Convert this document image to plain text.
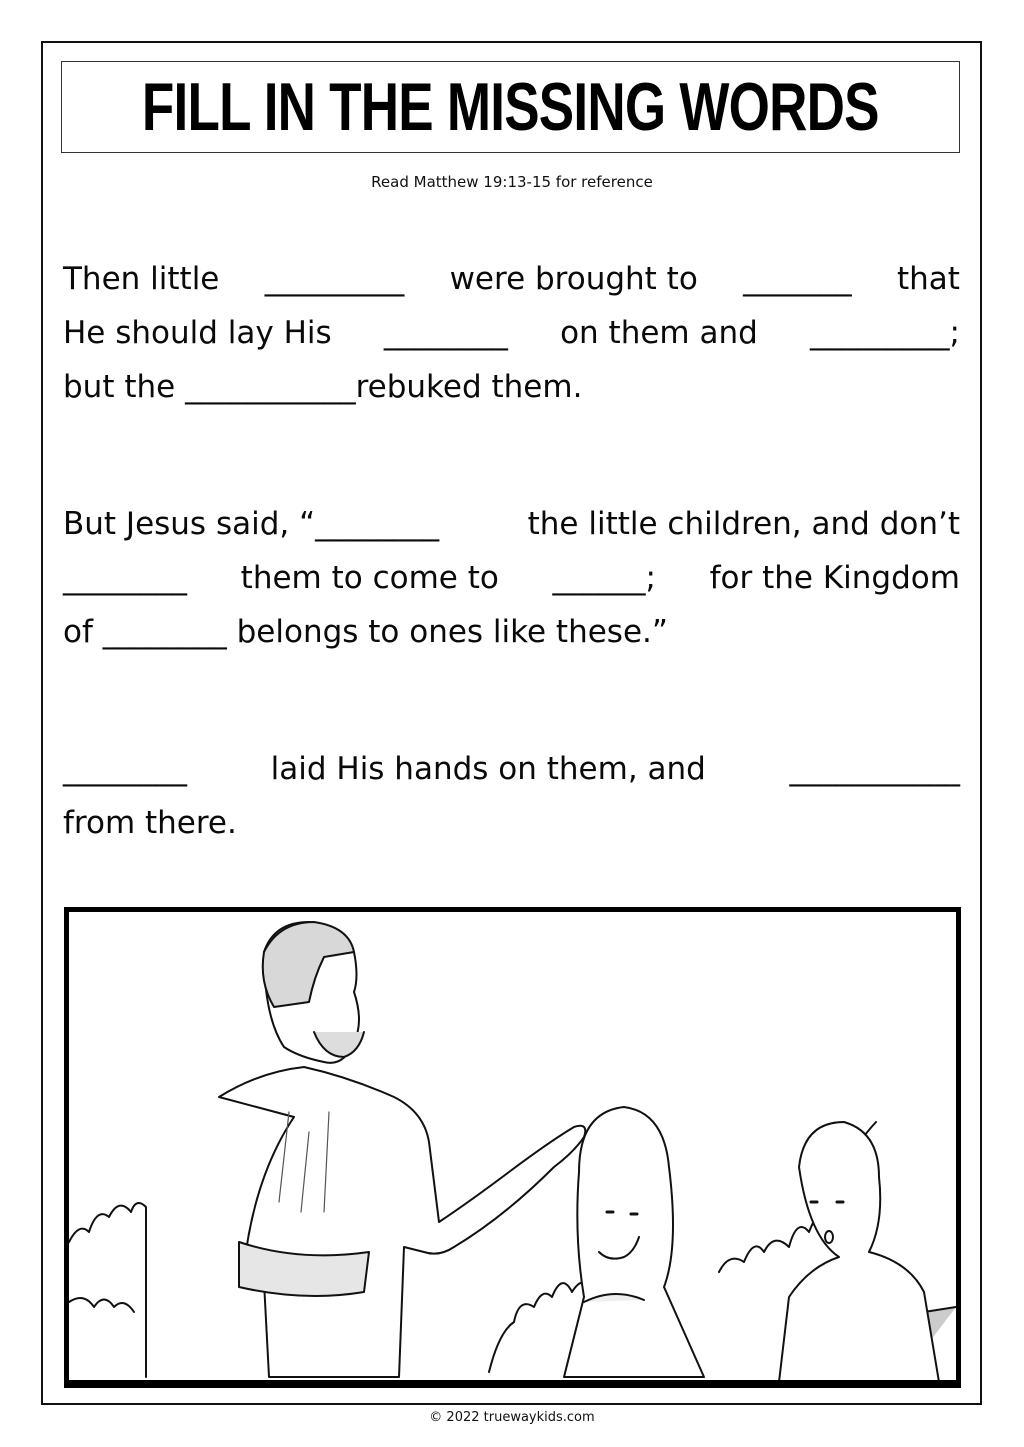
FILL IN THE MISSING WORDS
Read Matthew 19:13-15 for reference
Then little _________ were brought to _______ that
He should lay His ________ on them and _________;
but the
___________rebuked them.
But Jesus said, “________	the little children, and don’t
________ them to come to ______; for the Kingdom
of
________
belongs to ones like these.”
________	laid His hands on them, and	___________
from there.
© 2022 truewaykids.com
